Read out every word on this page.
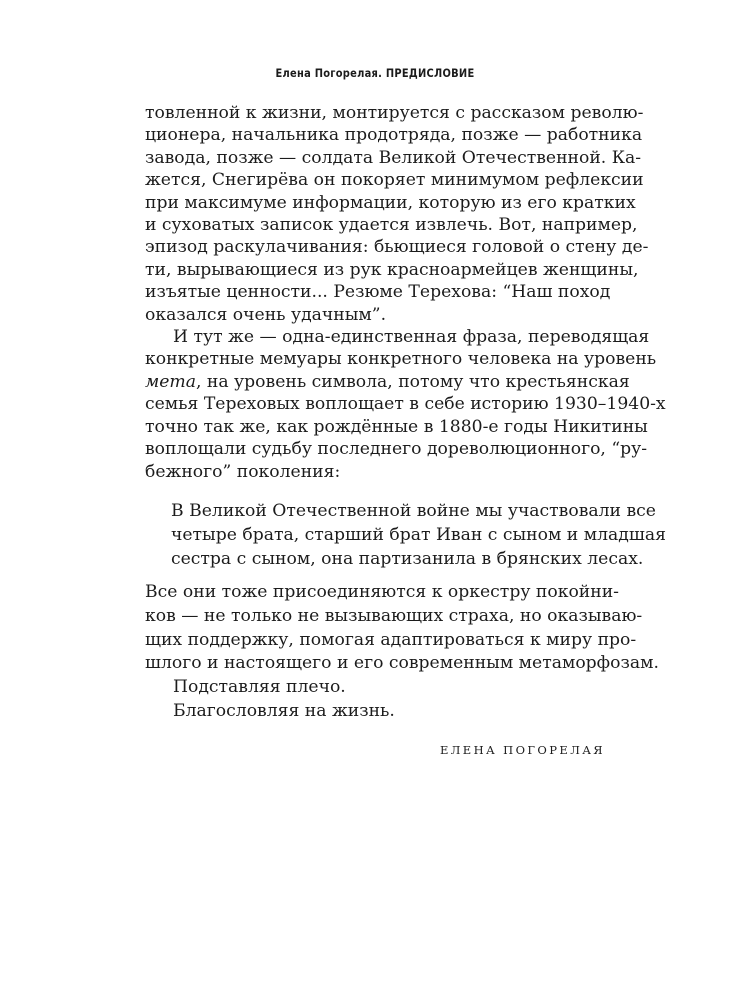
Елена Погорелая. ПРЕДИСЛОВИЕ
товленной к жизни, монтируется с рассказом револю-
ционера, начальника продотряда, позже — работника
завода, позже — солдата Великой Отечественной. Ка-
жется, Снегирёва он покоряет минимумом рефлексии
при максимуме информации, которую из его кратких
и суховатых записок удается извлечь. Вот, например,
эпизод раскулачивания: бьющиеся головой о стену де-
ти, вырывающиеся из рук красноармейцев женщины,
изъятые ценности... Резюме Терехова: “Наш поход
оказался очень удачным”.
И тут же — одна-единственная фраза, переводящая
конкретные мемуары конкретного человека на уровень
мета, на уровень символа, потому что крестьянская
семья Тереховых воплощает в себе историю 1930–1940-х
точно так же, как рождённые в 1880-е годы Никитины
воплощали судьбу последнего дореволюционного, “ру-
бежного” поколения:
В Великой Отечественной войне мы участвовали все
четыре брата, старший брат Иван с сыном и младшая
сестра с сыном, она партизанила в брянских лесах.
Все они тоже присоединяются к оркестру покойни-
ков — не только не вызывающих страха, но оказываю-
щих поддержку, помогая адаптироваться к миру про-
шлого и настоящего и его современным метаморфозам.
Подставляя плечо.
Благословляя на жизнь.
ЕЛЕНА ПОГОРЕЛАЯ
